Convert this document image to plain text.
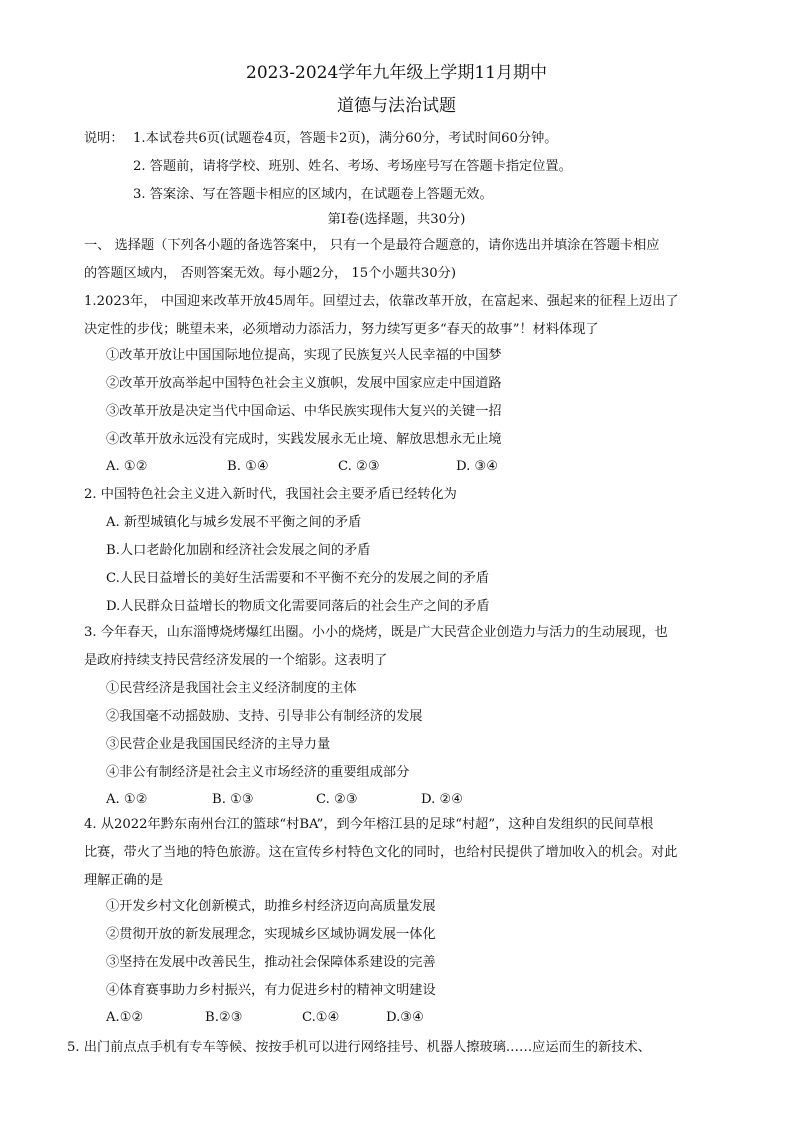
2023-2024学年九年级上学期11月期中
道德与法治试题
说明： 1.本试卷共6页(试题卷4页，答题卡2页)，满分60分，考试时间60分钟。
2. 答题前，请将学校、班别、姓名、考场、考场座号写在答题卡指定位置。
3. 答案涂、写在答题卡相应的区域内，在试题卷上答题无效。
第Ⅰ卷(选择题，共30分)
一、 选择题（下列各小题的备选答案中， 只有一个是最符合题意的，请你选出并填涂在答题卡相应
的答题区域内， 否则答案无效。每小题2分， 15个小题共30分)
1.2023年， 中国迎来改革开放45周年。回望过去，依靠改革开放，在富起来、强起来的征程上迈出了
决定性的步伐；眺望未来，必须增动力添活力，努力续写更多“春天的故事”！材料体现了
①改革开放让中国国际地位提高，实现了民族复兴人民幸福的中国梦
②改革开放高举起中国特色社会主义旗帜，发展中国家应走中国道路
③改革开放是决定当代中国命运、中华民族实现伟大复兴的关键一招
④改革开放永远没有完成时，实践发展永无止境、解放思想永无止境
A. ①②	B. ①④	C. ②③	D. ③④
2. 中国特色社会主义进入新时代，我国社会主要矛盾已经转化为
A. 新型城镇化与城乡发展不平衡之间的矛盾
B.人口老龄化加剧和经济社会发展之间的矛盾
C.人民日益增长的美好生活需要和不平衡不充分的发展之间的矛盾
D.人民群众日益增长的物质文化需要同落后的社会生产之间的矛盾
3. 今年春天，山东淄博烧烤爆红出圈。小小的烧烤，既是广大民营企业创造力与活力的生动展现，也
是政府持续支持民营经济发展的一个缩影。这表明了
①民营经济是我国社会主义经济制度的主体
②我国毫不动摇鼓励、支持、引导非公有制经济的发展
③民营企业是我国国民经济的主导力量
④非公有制经济是社会主义市场经济的重要组成部分
A. ①②	B. ①③	C. ②③	D. ②④
4. 从2022年黔东南州台江的篮球“村BA”，到今年榕江县的足球“村超”，这种自发组织的民间草根
比赛，带火了当地的特色旅游。这在宣传乡村特色文化的同时，也给村民提供了增加收入的机会。对此
理解正确的是
①开发乡村文化创新模式，助推乡村经济迈向高质量发展
②贯彻开放的新发展理念，实现城乡区域协调发展一体化
③坚持在发展中改善民生，推动社会保障体系建设的完善
④体育赛事助力乡村振兴，有力促进乡村的精神文明建设
A.①②	B.②③	C.①④	D.③④
5. 出门前点点手机有专车等候、按按手机可以进行网络挂号、机器人擦玻璃……应运而生的新技术、
